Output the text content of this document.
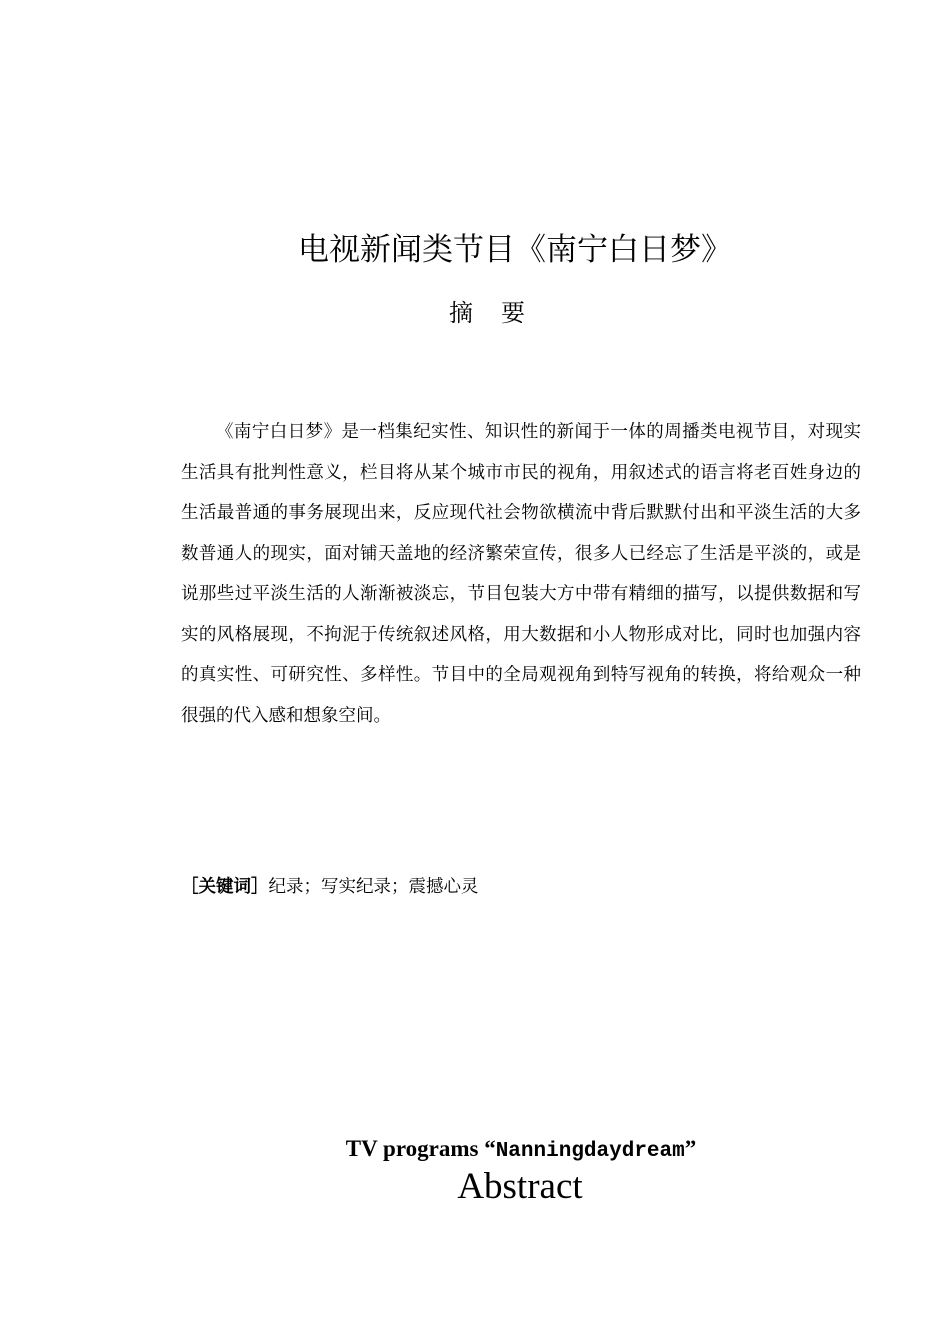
电视新闻类节目《南宁白日梦》
摘要

《南宁白日梦》是一档集纪实性、知识性的新闻于一体的周播类电视节目，对现实生活具有批判性意义，栏目将从某个城市市民的视角，用叙述式的语言将老百姓身边的生活最普通的事务展现出来，反应现代社会物欲横流中背后默默付出和平淡生活的大多数普通人的现实，面对铺天盖地的经济繁荣宣传，很多人已经忘了生活是平淡的，或是说那些过平淡生活的人渐渐被淡忘，节目包装大方中带有精细的描写，以提供数据和写实的风格展现，不拘泥于传统叙述风格，用大数据和小人物形成对比，同时也加强内容的真实性、可研究性、多样性。节目中的全局观视角到特写视角的转换，将给观众一种很强的代入感和想象空间。

［关键词］纪录；写实纪录；震撼心灵

TV programs “Nanningdaydream”
Abstract
